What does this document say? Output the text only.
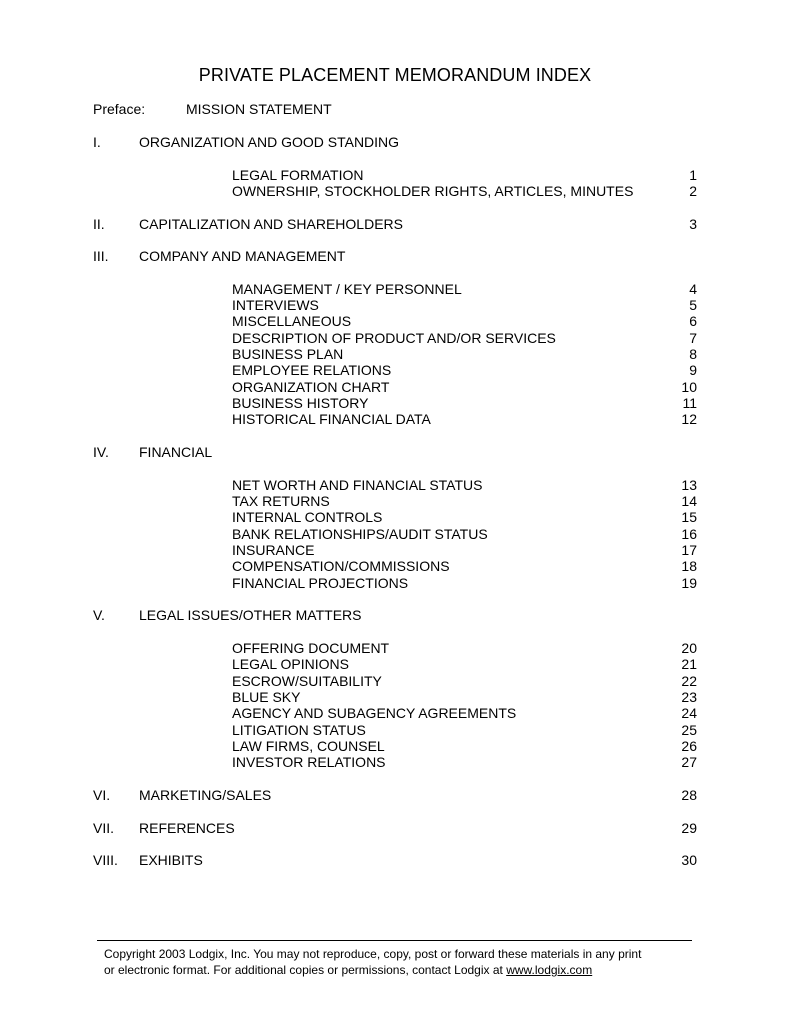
PRIVATE PLACEMENT MEMORANDUM INDEX
Preface:	MISSION STATEMENT
I.	ORGANIZATION AND GOOD STANDING
LEGAL FORMATION	1
OWNERSHIP, STOCKHOLDER RIGHTS, ARTICLES, MINUTES	2
II. CAPITALIZATION AND SHAREHOLDERS	3
III. COMPANY AND MANAGEMENT
MANAGEMENT / KEY PERSONNEL	4
INTERVIEWS	5
MISCELLANEOUS	6
DESCRIPTION OF PRODUCT AND/OR SERVICES	7
BUSINESS PLAN	8
EMPLOYEE RELATIONS	9
ORGANIZATION CHART	10
BUSINESS HISTORY	11
HISTORICAL FINANCIAL DATA	12
IV. FINANCIAL
NET WORTH AND FINANCIAL STATUS	13
TAX RETURNS	14
INTERNAL CONTROLS	15
BANK RELATIONSHIPS/AUDIT STATUS	16
INSURANCE	17
COMPENSATION/COMMISSIONS	18
FINANCIAL PROJECTIONS	19
V. LEGAL ISSUES/OTHER MATTERS
OFFERING DOCUMENT	20
LEGAL OPINIONS	21
ESCROW/SUITABILITY	22
BLUE SKY	23
AGENCY AND SUBAGENCY AGREEMENTS	24
LITIGATION STATUS	25
LAW FIRMS, COUNSEL	26
INVESTOR RELATIONS	27
VI. MARKETING/SALES	28
VII. REFERENCES	29
VIII. EXHIBITS	30
Copyright 2003 Lodgix, Inc. You may not reproduce, copy, post or forward these materials in any print
or electronic format. For additional copies or permissions, contact Lodgix at www.lodgix.com
